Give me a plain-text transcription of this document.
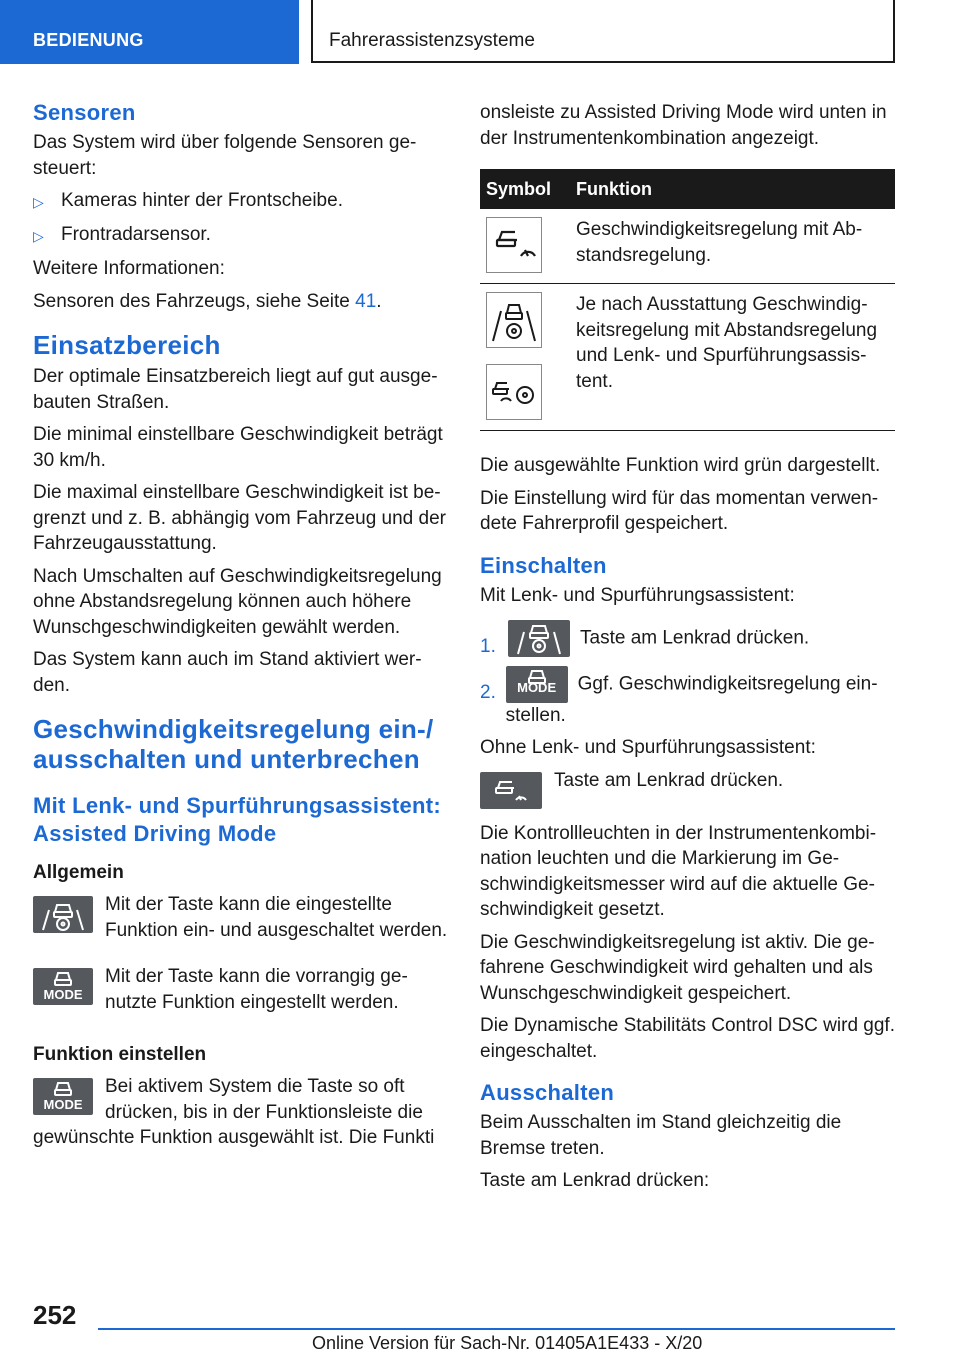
BEDIENUNG	Fahrerassistenzsysteme
Sensoren

Das System wird über folgende Sensoren gesteuert:

▷ Kameras hinter der Frontscheibe.
▷ Frontradarsensor.

Weitere Informationen:

Sensoren des Fahrzeugs, siehe Seite 41.

Einsatzbereich

Der optimale Einsatzbereich liegt auf gut ausgebauten Straßen.

Die minimal einstellbare Geschwindigkeit beträgt 30 km/h.

Die maximal einstellbare Geschwindigkeit ist begrenzt und z. B. abhängig vom Fahrzeug und der Fahrzeugausstattung.

Nach Umschalten auf Geschwindigkeitsregelung ohne Abstandsregelung können auch höhere Wunschgeschwindigkeiten gewählt werden.

Das System kann auch im Stand aktiviert werden.

Geschwindigkeitsregelung ein-/ ausschalten und unterbrechen
Mit Lenk- und Spurführungsassistent: Assisted Driving Mode
Allgemein

Mit der Taste kann die eingestellte Funktion ein- und ausgeschaltet werden.

MODE

Mit der Taste kann die vorrangig genutzte Funktion eingestellt werden.

Funktion einstellen
MODE

Bei aktivem System die Taste so oft drücken, bis in der Funktionsleiste die gewünschte Funktion ausgewählt ist. Die Funkti

onsleiste zu Assisted Driving Mode wird unten in der Instrumentenkombination angezeigt.

Symbol	Funktion

	Geschwindigkeitsregelung mit Abstandsregelung.

	Je nach Ausstattung Geschwindigkeitsregelung mit Abstandsregelung und Lenk- und Spurführungsassistent.

Die ausgewählte Funktion wird grün dargestellt.

Die Einstellung wird für das momentan verwendete Fahrerprofil gespeichert.

Einschalten

Mit Lenk- und Spurführungsassistent:

1.	Taste am Lenkrad drücken.
2.	MODE	Ggf. Geschwindigkeitsregelung einstellen.

Ohne Lenk- und Spurführungsassistent:

Taste am Lenkrad drücken.

Die Kontrollleuchten in der Instrumentenkombination leuchten und die Markierung im Geschwindigkeitsmesser wird auf die aktuelle Geschwindigkeit gesetzt.

Die Geschwindigkeitsregelung ist aktiv. Die gefahrene Geschwindigkeit wird gehalten und als Wunschgeschwindigkeit gespeichert.

Die Dynamische Stabilitäts Control DSC wird ggf. eingeschaltet.

Ausschalten

Beim Ausschalten im Stand gleichzeitig die Bremse treten.

Taste am Lenkrad drücken:

252
Online Version für Sach-Nr. 01405A1E433 - X/20
